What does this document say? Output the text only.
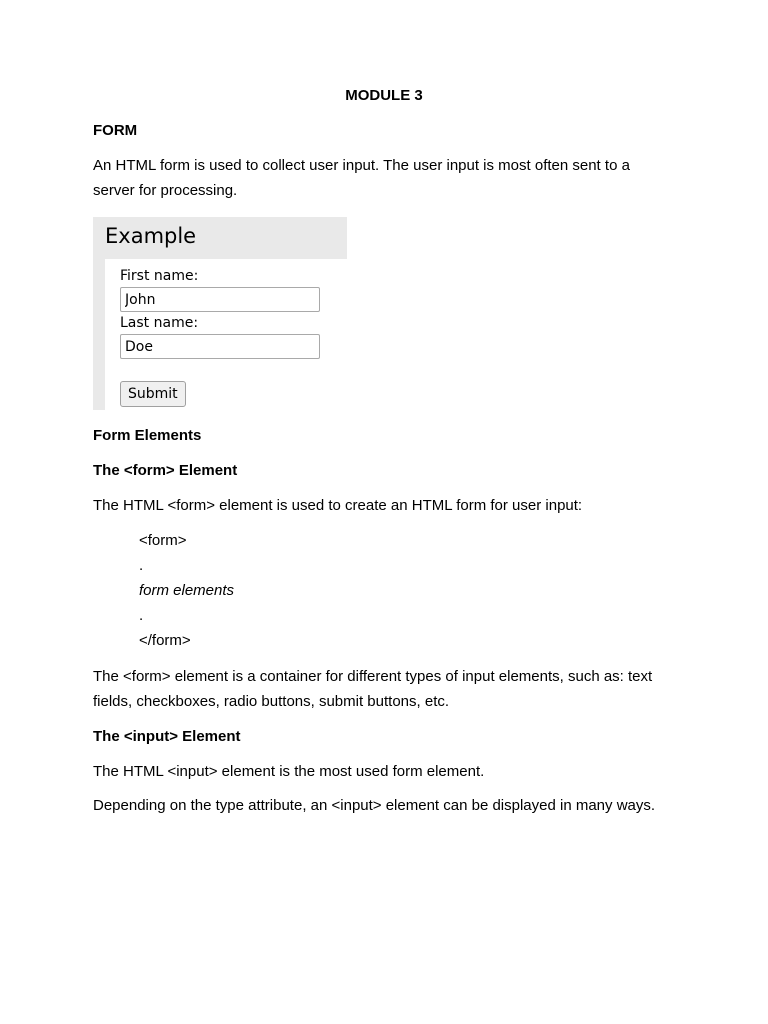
MODULE 3

FORM

An HTML form is used to collect user input. The user input is most often sent to a

server for processing.

Example

First name:

John

Last name:

Doe
Submit

Form Elements

The <form> Element

The HTML <form> element is used to create an HTML form for user input:

<form>

.

form elements

.

</form>

The <form> element is a container for different types of input elements, such as: text

fields, checkboxes, radio buttons, submit buttons, etc.

The <input> Element

The HTML <input> element is the most used form element.

Depending on the type attribute, an <input> element can be displayed in many ways.
